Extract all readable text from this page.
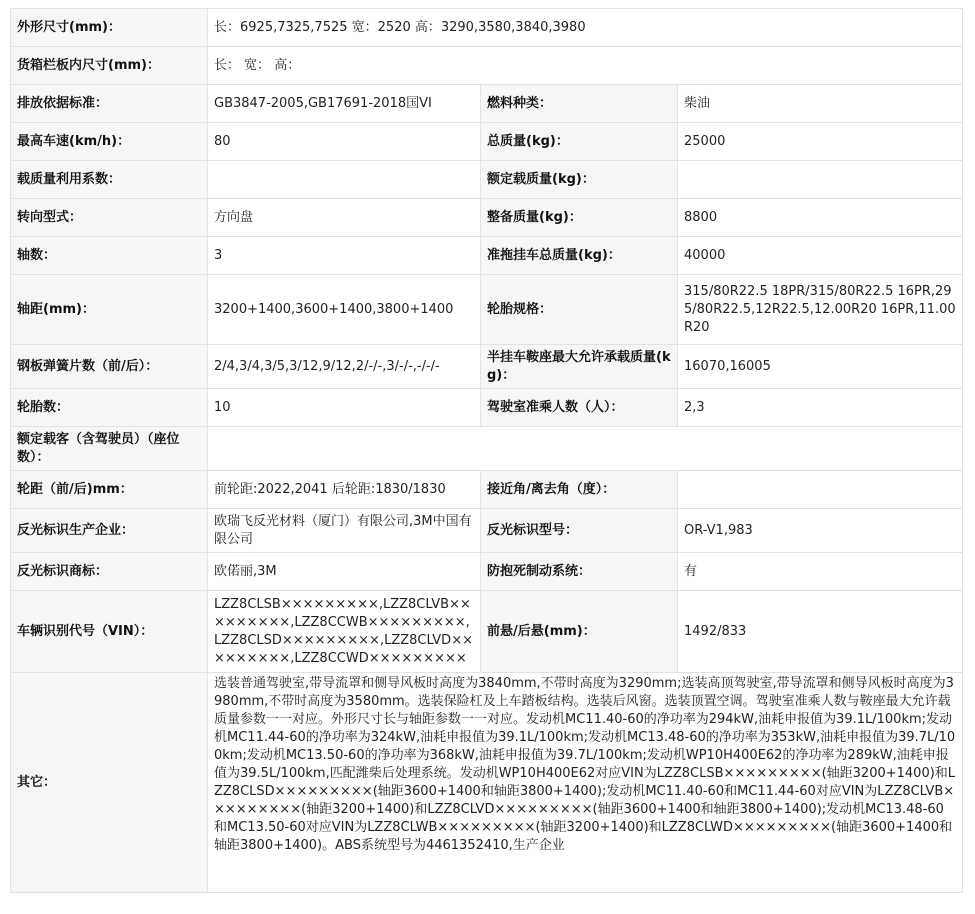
外形尺寸(mm)：	长：6925,7325,7525 宽：2520 高：3290,3580,3840,3980		
货箱栏板内尺寸(mm)：	长： 宽： 高：		
排放依据标准：	GB3847-2005,GB17691-2018国VI	燃料种类：	柴油
最高车速(km/h)：	80	总质量(kg)：	25000
载质量利用系数：		额定载质量(kg)：	
转向型式：	方向盘	整备质量(kg)：	8800
轴数：	3	准拖挂车总质量(kg)：	40000
轴距(mm)：	3200+1400,3600+1400,3800+1400	轮胎规格：	315/80R22.5 18PR/315/80R22.5 16PR,295/80R22.5,12R22.5,12.00R20 16PR,11.00R20
钢板弹簧片数（前/后）：	2/4,3/4,3/5,3/12,9/12,2/-/-,3/-/-,-/-/-	半挂车鞍座最大允许承载质量(kg)：	16070,16005
轮胎数：	10	驾驶室准乘人数（人）：	2,3
额定载客（含驾驶员）（座位数）：			
轮距（前/后)mm：	前轮距:2022,2041 后轮距:1830/1830	接近角/离去角（度）：	
反光标识生产企业：	欧瑞飞反光材料（厦门）有限公司,3M中国有限公司	反光标识型号：	OR-V1,983
反光标识商标：	欧偌丽,3M	防抱死制动系统：	有
车辆识别代号（VIN）：	LZZ8CLSB×××××××××,LZZ8CLVB×××××××××,LZZ8CCWB×××××××××,LZZ8CLSD×××××××××,LZZ8CLVD×××××××××,LZZ8CCWD×××××××××	前悬/后悬(mm)：	1492/833
其它：	选装普通驾驶室,带导流罩和侧导风板时高度为3840mm,不带时高度为3290mm;选装高顶驾驶室,带导流罩和侧导风板时高度为3980mm,不带时高度为3580mm。选装保险杠及上车踏板结构。选装后风窗。选装顶置空调。驾驶室准乘人数与鞍座最大允许载质量参数一一对应。外形尺寸长与轴距参数一一对应。发动机MC11.40-60的净功率为294kW,油耗申报值为39.1L/100km;发动机MC11.44-60的净功率为324kW,油耗申报值为39.1L/100km;发动机MC13.48-60的净功率为353kW,油耗申报值为39.7L/100km;发动机MC13.50-60的净功率为368kW,油耗申报值为39.7L/100km;发动机WP10H400E62的净功率为289kW,油耗申报值为39.5L/100km,匹配潍柴后处理系统。发动机WP10H400E62对应VIN为LZZ8CLSB×××××××××(轴距3200+1400)和LZZ8CLSD×××××××××(轴距3600+1400和轴距3800+1400);发动机MC11.40-60和MC11.44-60对应VIN为LZZ8CLVB×××××××××(轴距3200+1400)和LZZ8CLVD×××××××××(轴距3600+1400和轴距3800+1400);发动机MC13.48-60和MC13.50-60对应VIN为LZZ8CLWB×××××××××(轴距3200+1400)和LZZ8CLWD×××××××××(轴距3600+1400和轴距3800+1400)。ABS系统型号为4461352410,生产企业		
